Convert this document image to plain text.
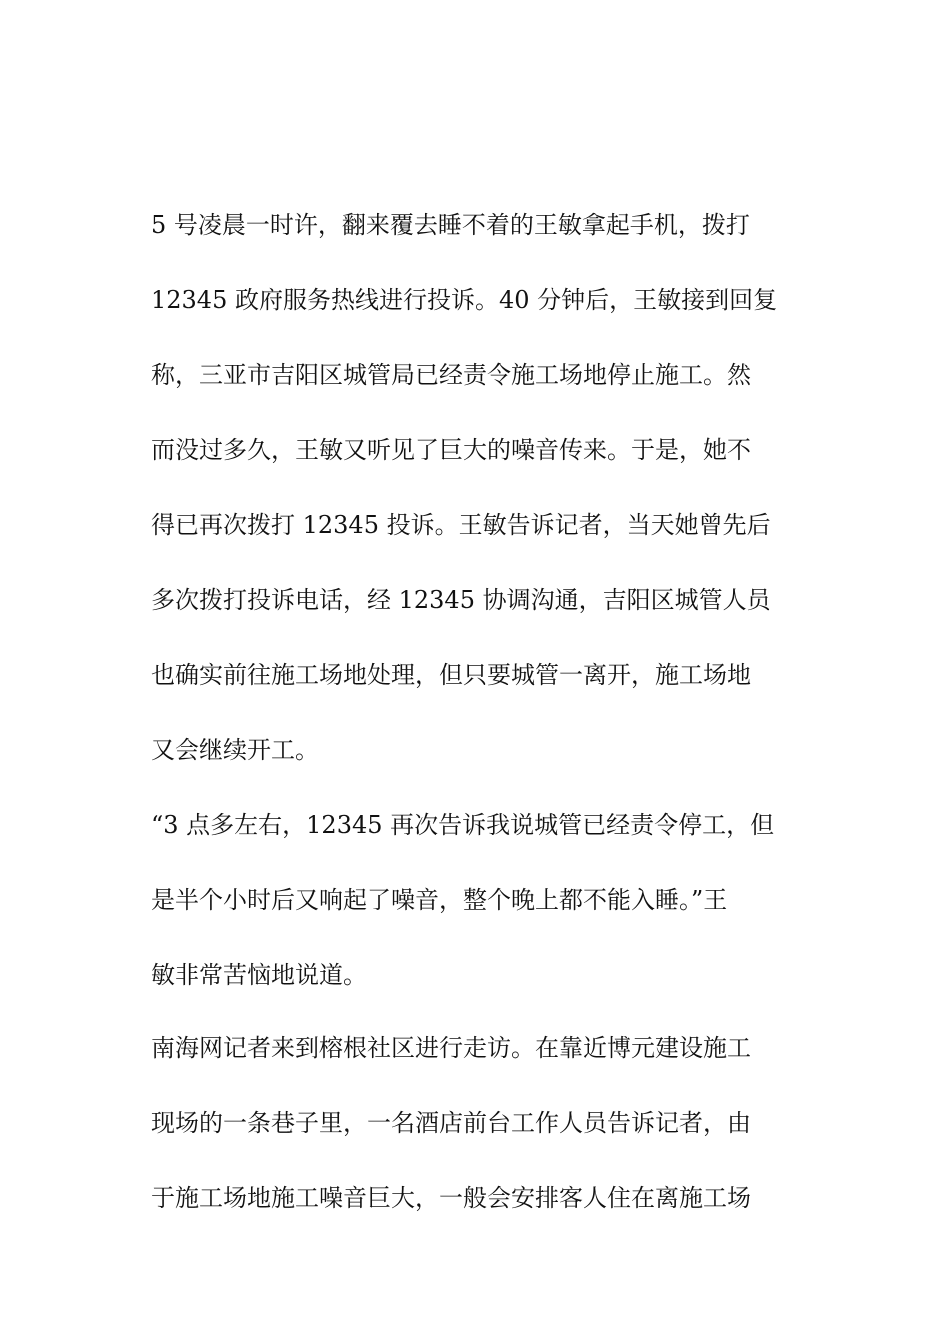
5 号凌晨一时许，翻来覆去睡不着的王敏拿起手机，拨打
12345 政府服务热线进行投诉。40 分钟后，王敏接到回复
称，三亚市吉阳区城管局已经责令施工场地停止施工。然
而没过多久，王敏又听见了巨大的噪音传来。于是，她不
得已再次拨打 12345 投诉。王敏告诉记者，当天她曾先后
多次拨打投诉电话，经 12345 协调沟通，吉阳区城管人员
也确实前往施工场地处理，但只要城管一离开，施工场地
又会继续开工。
“3 点多左右，12345 再次告诉我说城管已经责令停工，但
是半个小时后又响起了噪音，整个晚上都不能入睡。”王
敏非常苦恼地说道。
南海网记者来到榕根社区进行走访。在靠近博元建设施工
现场的一条巷子里，一名酒店前台工作人员告诉记者，由
于施工场地施工噪音巨大，一般会安排客人住在离施工场
